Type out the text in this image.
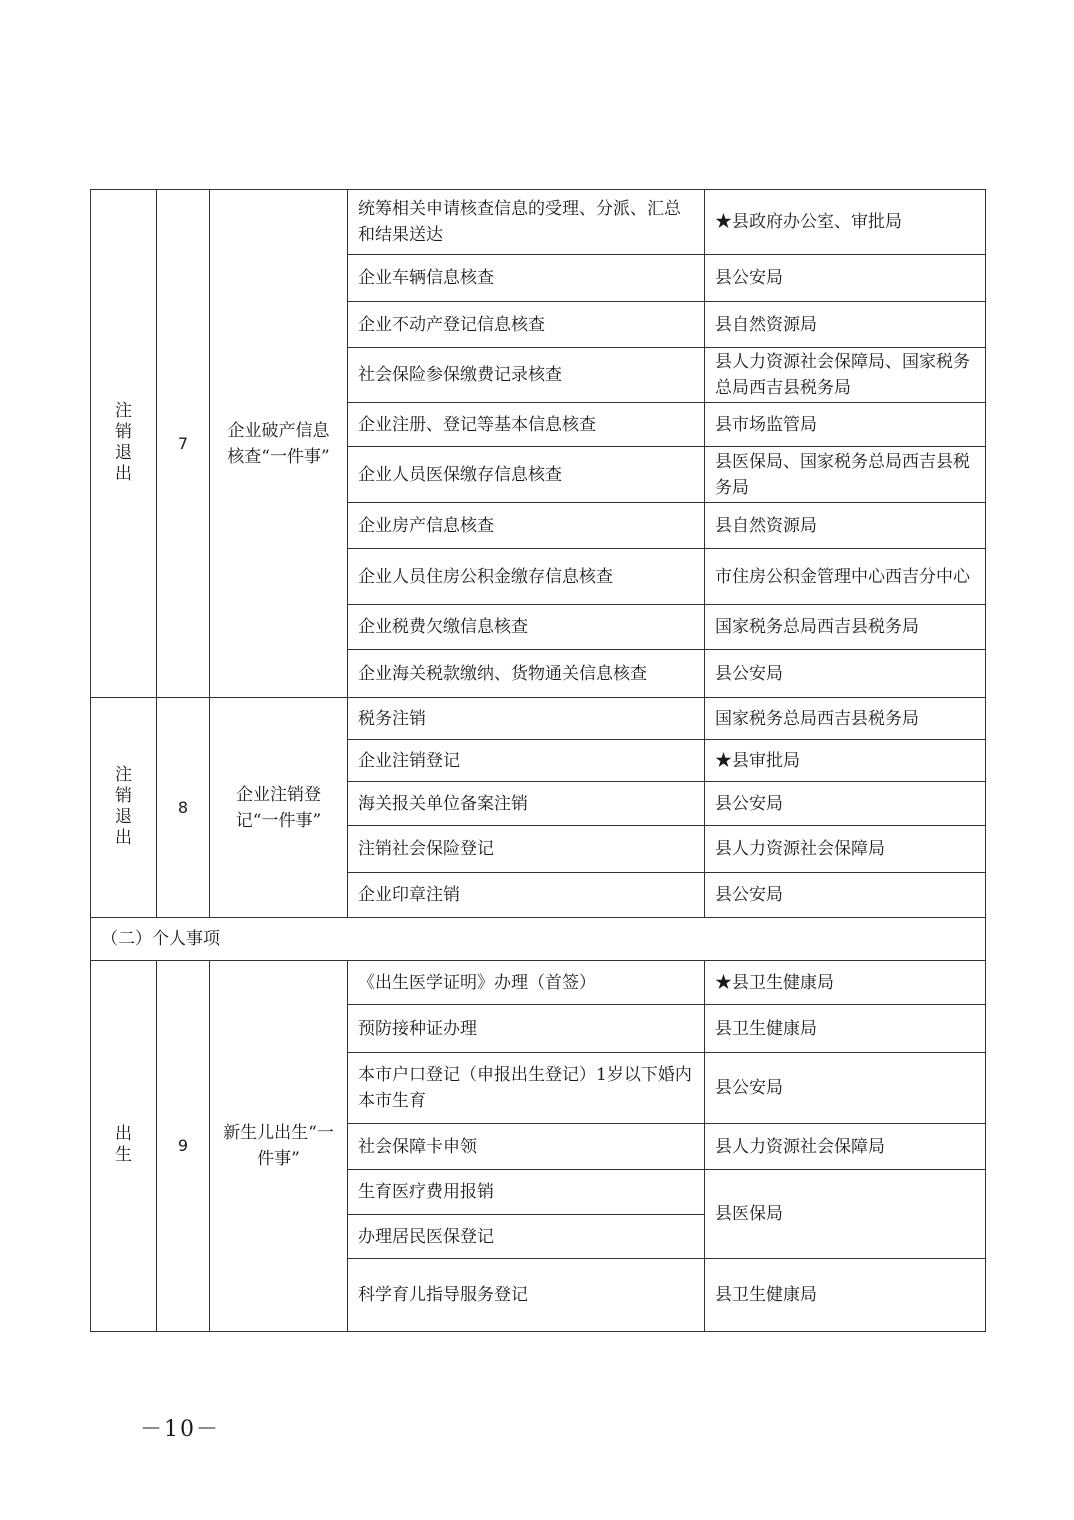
注销退出	7	企业破产信息核查“一件事”	统筹相关申请核查信息的受理、分派、汇总和结果送达	★县政府办公室、审批局
			企业车辆信息核查	县公安局
			企业不动产登记信息核查	县自然资源局
			社会保险参保缴费记录核查	县人力资源社会保障局、国家税务总局西吉县税务局
			企业注册、登记等基本信息核查	县市场监管局
			企业人员医保缴存信息核查	县医保局、国家税务总局西吉县税务局
			企业房产信息核查	县自然资源局
			企业人员住房公积金缴存信息核查	市住房公积金管理中心西吉分中心
			企业税费欠缴信息核查	国家税务总局西吉县税务局
			企业海关税款缴纳、货物通关信息核查	县公安局
注销退出	8	企业注销登记“一件事”	税务注销	国家税务总局西吉县税务局
			企业注销登记	★县审批局
			海关报关单位备案注销	县公安局
			注销社会保险登记	县人力资源社会保障局
			企业印章注销	县公安局
（二）个人事项				
出生	9	新生儿出生“一件事”	《出生医学证明》办理（首签）	★县卫生健康局
			预防接种证办理	县卫生健康局
			本市户口登记（申报出生登记）1岁以下婚内本市生育	县公安局
			社会保障卡申领	县人力资源社会保障局
			生育医疗费用报销	县医保局
			办理居民医保登记	
			科学育儿指导服务登记	县卫生健康局
－10－
